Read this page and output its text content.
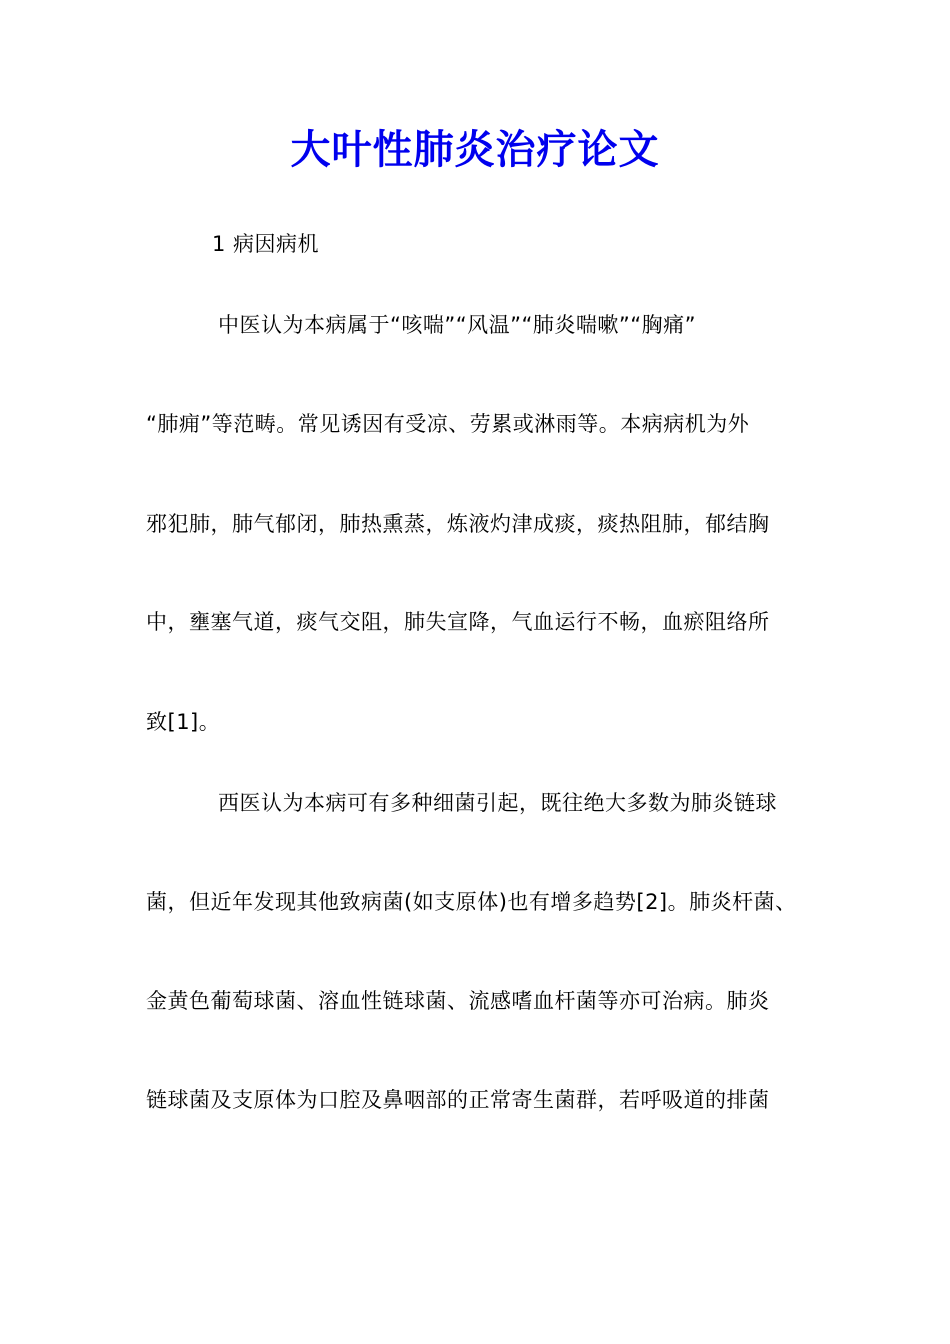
大叶性肺炎治疗论文
1 病因病机
中医认为本病属于“咳喘”“风温”“肺炎喘嗽”“胸痛”
“肺痈”等范畴。常见诱因有受凉、劳累或淋雨等。本病病机为外
邪犯肺，肺气郁闭，肺热熏蒸，炼液灼津成痰，痰热阻肺，郁结胸
中，壅塞气道，痰气交阻，肺失宣降，气血运行不畅，血瘀阻络所
致[1]。
西医认为本病可有多种细菌引起，既往绝大多数为肺炎链球
菌，但近年发现其他致病菌(如支原体)也有增多趋势[2]。肺炎杆菌、
金黄色葡萄球菌、溶血性链球菌、流感嗜血杆菌等亦可治病。肺炎
链球菌及支原体为口腔及鼻咽部的正常寄生菌群，若呼吸道的排菌
